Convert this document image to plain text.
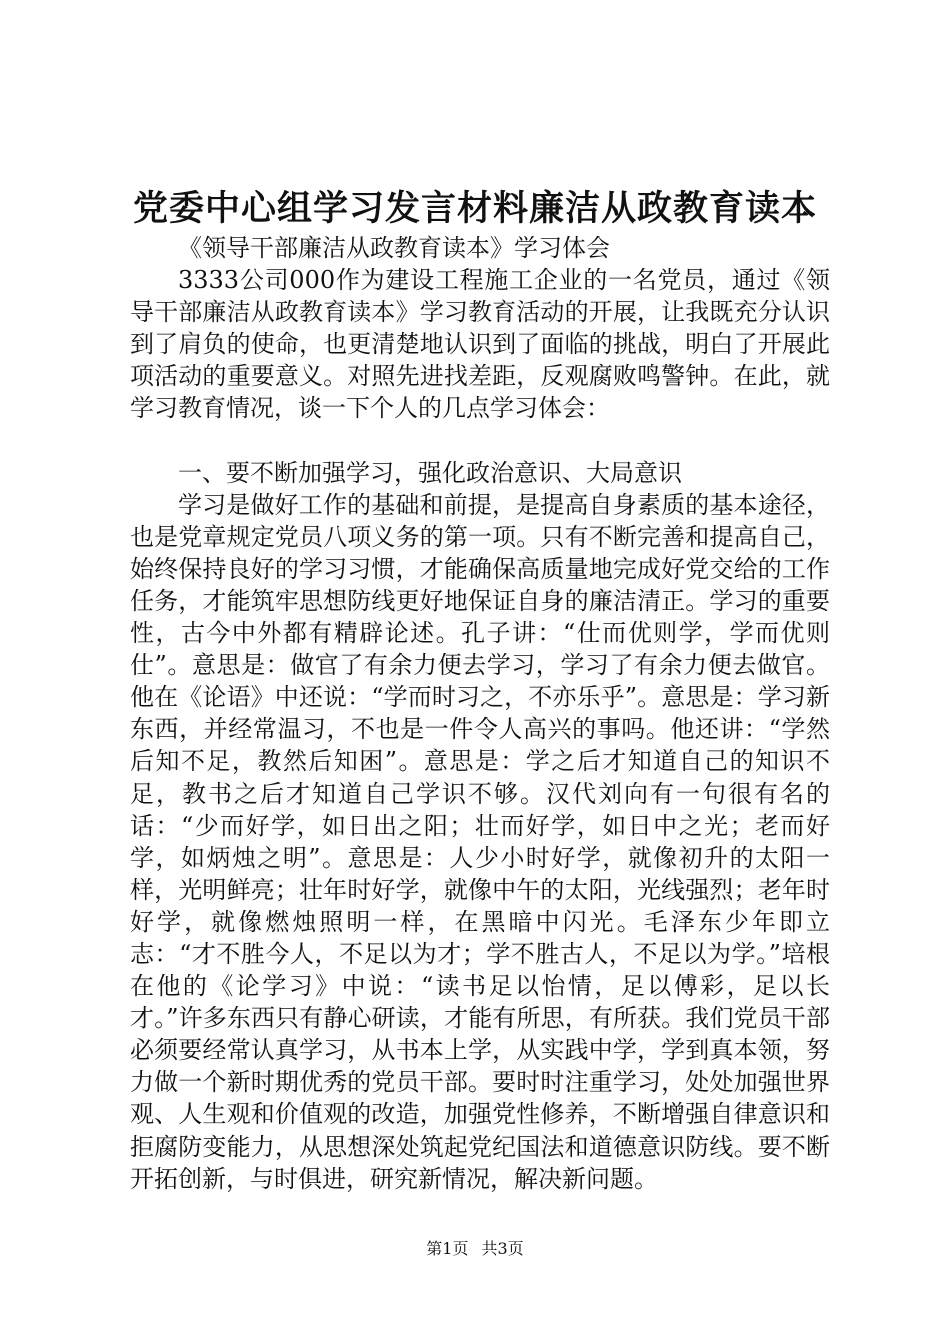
党委中心组学习发言材料廉洁从政教育读本

《领导干部廉洁从政教育读本》学习体会

3333公司000作为建设工程施工企业的一名党员，通过《领导干部廉洁从政教育读本》学习教育活动的开展，让我既充分认识到了肩负的使命，也更清楚地认识到了面临的挑战，明白了开展此项活动的重要意义。对照先进找差距，反观腐败鸣警钟。在此，就学习教育情况，谈一下个人的几点学习体会：

一、要不断加强学习，强化政治意识、大局意识

学习是做好工作的基础和前提，是提高自身素质的基本途径，也是党章规定党员八项义务的第一项。只有不断完善和提高自己，始终保持良好的学习习惯，才能确保高质量地完成好党交给的工作任务，才能筑牢思想防线更好地保证自身的廉洁清正。学习的重要性，古今中外都有精辟论述。孔子讲：“仕而优则学，学而优则仕”。意思是：做官了有余力便去学习，学习了有余力便去做官。他在《论语》中还说：“学而时习之，不亦乐乎”。意思是：学习新东西，并经常温习，不也是一件令人高兴的事吗。他还讲：“学然后知不足，教然后知困”。意思是：学之后才知道自己的知识不足，教书之后才知道自己学识不够。汉代刘向有一句很有名的话：“少而好学，如日出之阳；壮而好学，如日中之光；老而好学，如炳烛之明”。意思是：人少小时好学，就像初升的太阳一样，光明鲜亮；壮年时好学，就像中午的太阳，光线强烈；老年时好学，就像燃烛照明一样，在黑暗中闪光。毛泽东少年即立志：“才不胜今人，不足以为才；学不胜古人，不足以为学。”培根在他的《论学习》中说：“读书足以怡情，足以傅彩，足以长才。”许多东西只有静心研读，才能有所思，有所获。我们党员干部必须要经常认真学习，从书本上学，从实践中学，学到真本领，努力做一个新时期优秀的党员干部。要时时注重学习，处处加强世界观、人生观和价值观的改造，加强党性修养，不断增强自律意识和拒腐防变能力，从思想深处筑起党纪国法和道德意识防线。要不断开拓创新，与时俱进，研究新情况，解决新问题。

第1页 共3页
